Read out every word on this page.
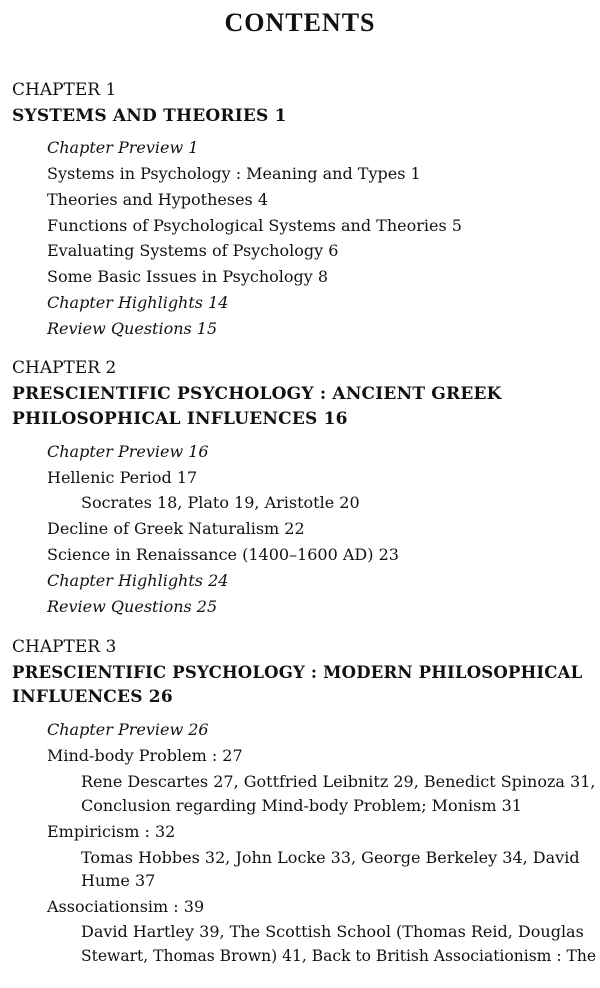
CONTENTS
CHAPTER 1
SYSTEMS AND THEORIES 1
Chapter Preview 1
Systems in Psychology : Meaning and Types 1
Theories and Hypotheses 4
Functions of Psychological Systems and Theories 5
Evaluating Systems of Psychology 6
Some Basic Issues in Psychology 8
Chapter Highlights 14
Review Questions 15
CHAPTER 2
PRESCIENTIFIC PSYCHOLOGY : ANCIENT GREEK
PHILOSOPHICAL INFLUENCES 16
Chapter Preview 16
Hellenic Period 17
Socrates 18, Plato 19, Aristotle 20
Decline of Greek Naturalism 22
Science in Renaissance (1400–1600 AD) 23
Chapter Highlights 24
Review Questions 25
CHAPTER 3
PRESCIENTIFIC PSYCHOLOGY : MODERN PHILOSOPHICAL
INFLUENCES 26
Chapter Preview 26
Mind-body Problem : 27
Rene Descartes 27, Gottfried Leibnitz 29, Benedict Spinoza 31,
Conclusion regarding Mind-body Problem; Monism 31
Empiricism : 32
Tomas Hobbes 32, John Locke 33, George Berkeley 34, David
Hume 37
Associationsim : 39
David Hartley 39, The Scottish School (Thomas Reid, Douglas
Stewart, Thomas Brown) 41, Back to British Associationism : The
